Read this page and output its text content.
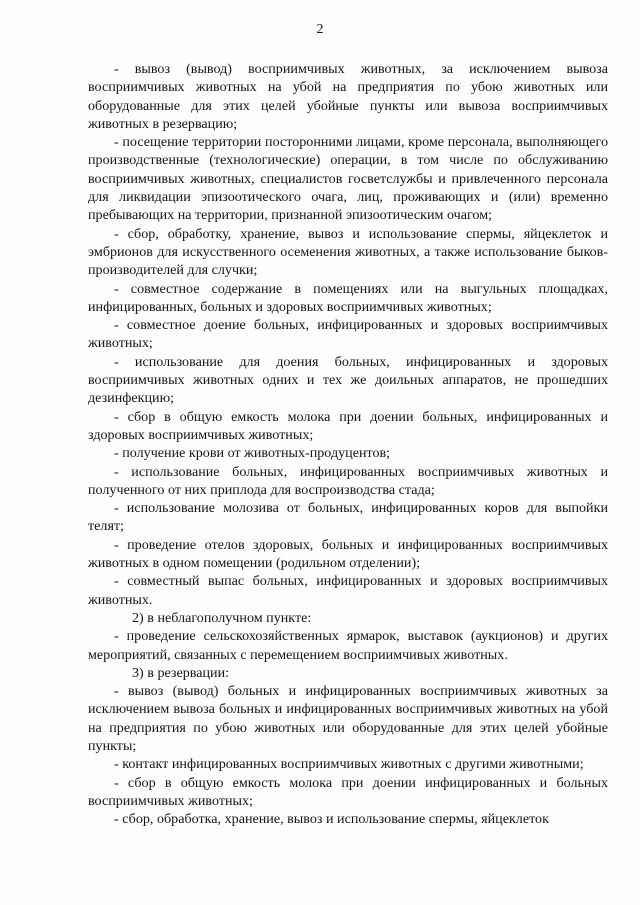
2

- вывоз (вывод) восприимчивых животных, за исключением вывоза восприимчивых животных на убой на предприятия по убою животных или оборудованные для этих целей убойные пункты или вывоза восприимчивых животных в резервацию;

- посещение территории посторонними лицами, кроме персонала, выполняющего производственные (технологические) операции, в том числе по обслуживанию восприимчивых животных, специалистов госветслужбы и привлеченного персонала для ликвидации эпизоотического очага, лиц, проживающих и (или) временно пребывающих на территории, признанной эпизоотическим очагом;

- сбор, обработку, хранение, вывоз и использование спермы, яйцеклеток и эмбрионов для искусственного осеменения животных, а также использование быков-производителей для случки;

- совместное содержание в помещениях или на выгульных площадках, инфицированных, больных и здоровых восприимчивых животных;

- совместное доение больных, инфицированных и здоровых восприимчивых животных;

- использование для доения больных, инфицированных и здоровых восприимчивых животных одних и тех же доильных аппаратов, не прошедших дезинфекцию;

- сбор в общую емкость молока при доении больных, инфицированных и здоровых восприимчивых животных;

- получение крови от животных-продуцентов;

- использование больных, инфицированных восприимчивых животных и полученного от них приплода для воспроизводства стада;

- использование молозива от больных, инфицированных коров для выпойки телят;

- проведение отелов здоровых, больных и инфицированных восприимчивых животных в одном помещении (родильном отделении);

- совместный выпас больных, инфицированных и здоровых восприимчивых животных.

2) в неблагополучном пункте:

- проведение сельскохозяйственных ярмарок, выставок (аукционов) и других мероприятий, связанных с перемещением восприимчивых животных.

3) в резервации:

- вывоз (вывод) больных и инфицированных восприимчивых животных за исключением вывоза больных и инфицированных восприимчивых животных на убой на предприятия по убою животных или оборудованные для этих целей убойные пункты;

- контакт инфицированных восприимчивых животных с другими животными;

- сбор в общую емкость молока при доении инфицированных и больных восприимчивых животных;

- сбор, обработка, хранение, вывоз и использование спермы, яйцеклеток
